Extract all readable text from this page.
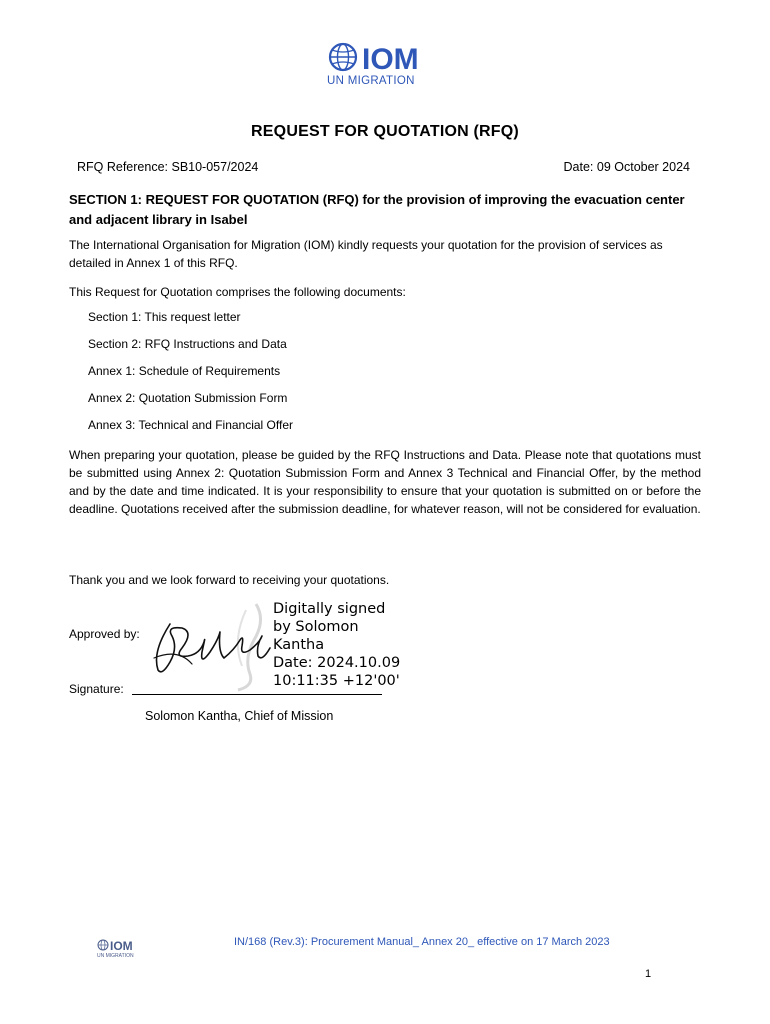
IOM
UN MIGRATION
REQUEST FOR QUOTATION (RFQ)
RFQ Reference: SB10-057/2024	Date: 09 October 2024
SECTION 1: REQUEST FOR QUOTATION (RFQ) for the provision of improving the evacuation center and adjacent library in Isabel
The International Organisation for Migration (IOM) kindly requests your quotation for the provision of services as detailed in Annex 1 of this RFQ.
This Request for Quotation comprises the following documents:
Section 1: This request letter
Section 2: RFQ Instructions and Data
Annex 1: Schedule of Requirements
Annex 2: Quotation Submission Form
Annex 3: Technical and Financial Offer
When preparing your quotation, please be guided by the RFQ Instructions and Data. Please note that quotations must be submitted using Annex 2: Quotation Submission Form and Annex 3 Technical and Financial Offer, by the method and by the date and time indicated. It is your responsibility to ensure that your quotation is submitted on or before the deadline. Quotations received after the submission deadline, for whatever reason, will not be considered for evaluation.
Thank you and we look forward to receiving your quotations.
Approved by:
Digitally signed
by Solomon
Kantha
Date: 2024.10.09
10:11:35 +12'00'
Signature:
Solomon Kantha, Chief of Mission
IOM
UN MIGRATION
IN/168 (Rev.3): Procurement Manual_ Annex 20_ effective on 17 March 2023
1
